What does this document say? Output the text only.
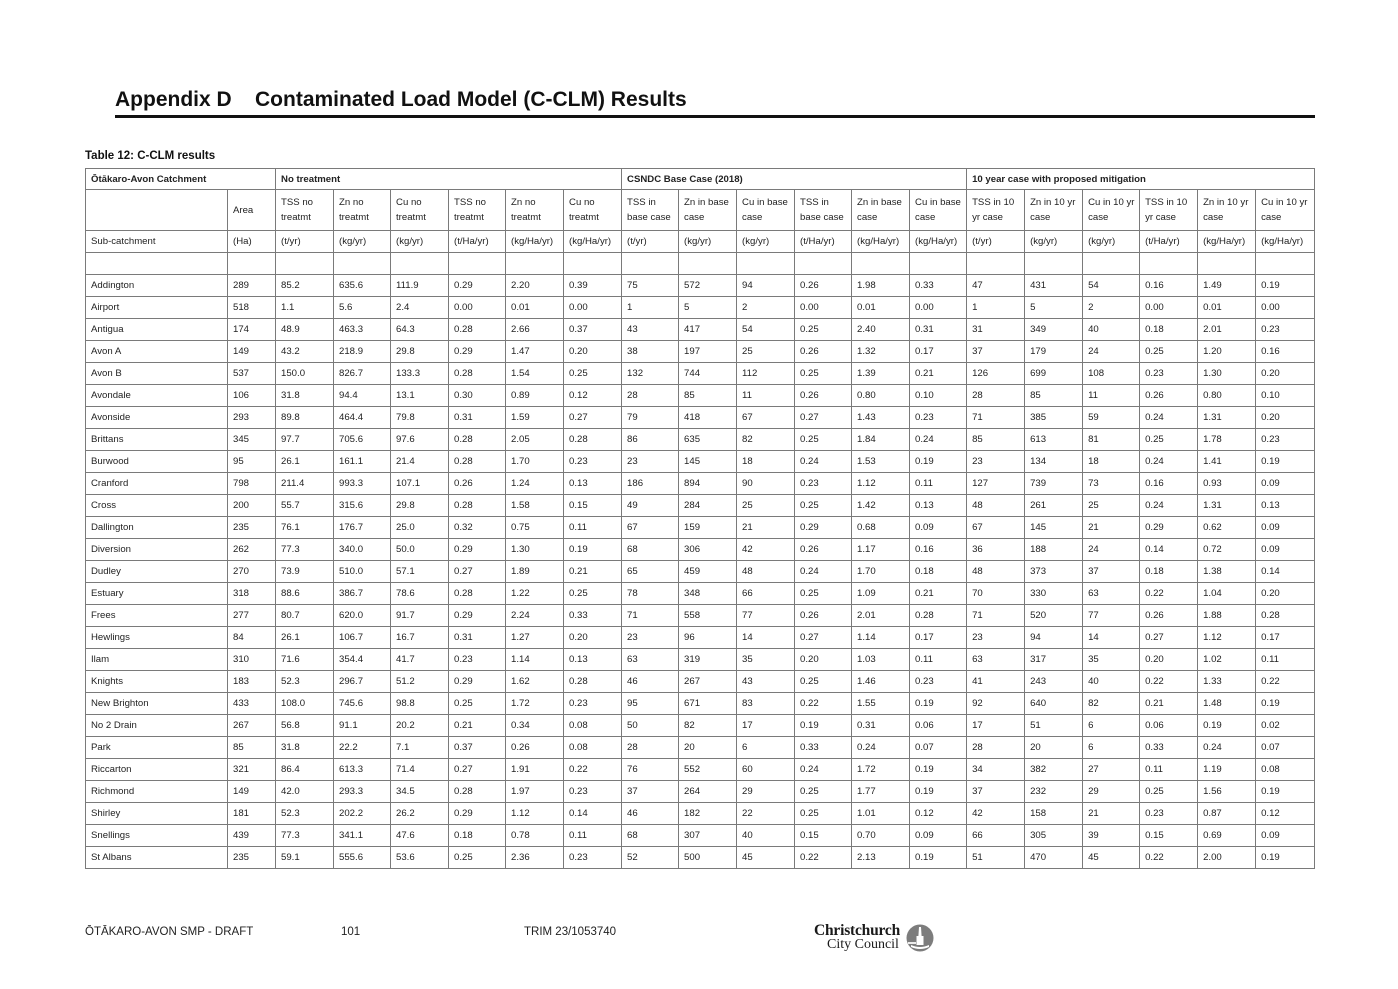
Appendix D Contaminated Load Model (C-CLM) Results
Table 12: C-CLM results
Ōtākaro-Avon Catchment		No treatment						CSNDC Base Case (2018)						10 year case with proposed mitigation					
	Area	TSS no treatmt	Zn no treatmt	Cu no treatmt	TSS no treatmt	Zn no treatmt	Cu no treatmt	TSS in base case	Zn in base case	Cu in base case	TSS in base case	Zn in base case	Cu in base case	TSS in 10 yr case	Zn in 10 yr case	Cu in 10 yr case	TSS in 10 yr case	Zn in 10 yr case	Cu in 10 yr case
Sub-catchment	(Ha)	(t/yr)	(kg/yr)	(kg/yr)	(t/Ha/yr)	(kg/Ha/yr)	(kg/Ha/yr)	(t/yr)	(kg/yr)	(kg/yr)	(t/Ha/yr)	(kg/Ha/yr)	(kg/Ha/yr)	(t/yr)	(kg/yr)	(kg/yr)	(t/Ha/yr)	(kg/Ha/yr)	(kg/Ha/yr)

Addington	289	85.2	635.6	111.9	0.29	2.20	0.39	75	572	94	0.26	1.98	0.33	47	431	54	0.16	1.49	0.19
Airport	518	1.1	5.6	2.4	0.00	0.01	0.00	1	5	2	0.00	0.01	0.00	1	5	2	0.00	0.01	0.00
Antigua	174	48.9	463.3	64.3	0.28	2.66	0.37	43	417	54	0.25	2.40	0.31	31	349	40	0.18	2.01	0.23
Avon A	149	43.2	218.9	29.8	0.29	1.47	0.20	38	197	25	0.26	1.32	0.17	37	179	24	0.25	1.20	0.16
Avon B	537	150.0	826.7	133.3	0.28	1.54	0.25	132	744	112	0.25	1.39	0.21	126	699	108	0.23	1.30	0.20
Avondale	106	31.8	94.4	13.1	0.30	0.89	0.12	28	85	11	0.26	0.80	0.10	28	85	11	0.26	0.80	0.10
Avonside	293	89.8	464.4	79.8	0.31	1.59	0.27	79	418	67	0.27	1.43	0.23	71	385	59	0.24	1.31	0.20
Brittans	345	97.7	705.6	97.6	0.28	2.05	0.28	86	635	82	0.25	1.84	0.24	85	613	81	0.25	1.78	0.23
Burwood	95	26.1	161.1	21.4	0.28	1.70	0.23	23	145	18	0.24	1.53	0.19	23	134	18	0.24	1.41	0.19
Cranford	798	211.4	993.3	107.1	0.26	1.24	0.13	186	894	90	0.23	1.12	0.11	127	739	73	0.16	0.93	0.09
Cross	200	55.7	315.6	29.8	0.28	1.58	0.15	49	284	25	0.25	1.42	0.13	48	261	25	0.24	1.31	0.13
Dallington	235	76.1	176.7	25.0	0.32	0.75	0.11	67	159	21	0.29	0.68	0.09	67	145	21	0.29	0.62	0.09
Diversion	262	77.3	340.0	50.0	0.29	1.30	0.19	68	306	42	0.26	1.17	0.16	36	188	24	0.14	0.72	0.09
Dudley	270	73.9	510.0	57.1	0.27	1.89	0.21	65	459	48	0.24	1.70	0.18	48	373	37	0.18	1.38	0.14
Estuary	318	88.6	386.7	78.6	0.28	1.22	0.25	78	348	66	0.25	1.09	0.21	70	330	63	0.22	1.04	0.20
Frees	277	80.7	620.0	91.7	0.29	2.24	0.33	71	558	77	0.26	2.01	0.28	71	520	77	0.26	1.88	0.28
Hewlings	84	26.1	106.7	16.7	0.31	1.27	0.20	23	96	14	0.27	1.14	0.17	23	94	14	0.27	1.12	0.17
Ilam	310	71.6	354.4	41.7	0.23	1.14	0.13	63	319	35	0.20	1.03	0.11	63	317	35	0.20	1.02	0.11
Knights	183	52.3	296.7	51.2	0.29	1.62	0.28	46	267	43	0.25	1.46	0.23	41	243	40	0.22	1.33	0.22
New Brighton	433	108.0	745.6	98.8	0.25	1.72	0.23	95	671	83	0.22	1.55	0.19	92	640	82	0.21	1.48	0.19
No 2 Drain	267	56.8	91.1	20.2	0.21	0.34	0.08	50	82	17	0.19	0.31	0.06	17	51	6	0.06	0.19	0.02
Park	85	31.8	22.2	7.1	0.37	0.26	0.08	28	20	6	0.33	0.24	0.07	28	20	6	0.33	0.24	0.07
Riccarton	321	86.4	613.3	71.4	0.27	1.91	0.22	76	552	60	0.24	1.72	0.19	34	382	27	0.11	1.19	0.08
Richmond	149	42.0	293.3	34.5	0.28	1.97	0.23	37	264	29	0.25	1.77	0.19	37	232	29	0.25	1.56	0.19
Shirley	181	52.3	202.2	26.2	0.29	1.12	0.14	46	182	22	0.25	1.01	0.12	42	158	21	0.23	0.87	0.12
Snellings	439	77.3	341.1	47.6	0.18	0.78	0.11	68	307	40	0.15	0.70	0.09	66	305	39	0.15	0.69	0.09
St Albans	235	59.1	555.6	53.6	0.25	2.36	0.23	52	500	45	0.22	2.13	0.19	51	470	45	0.22	2.00	0.19
ŌTĀKARO-AVON SMP - DRAFT	101	TRIM 23/1053740	Christchurch
City Council
